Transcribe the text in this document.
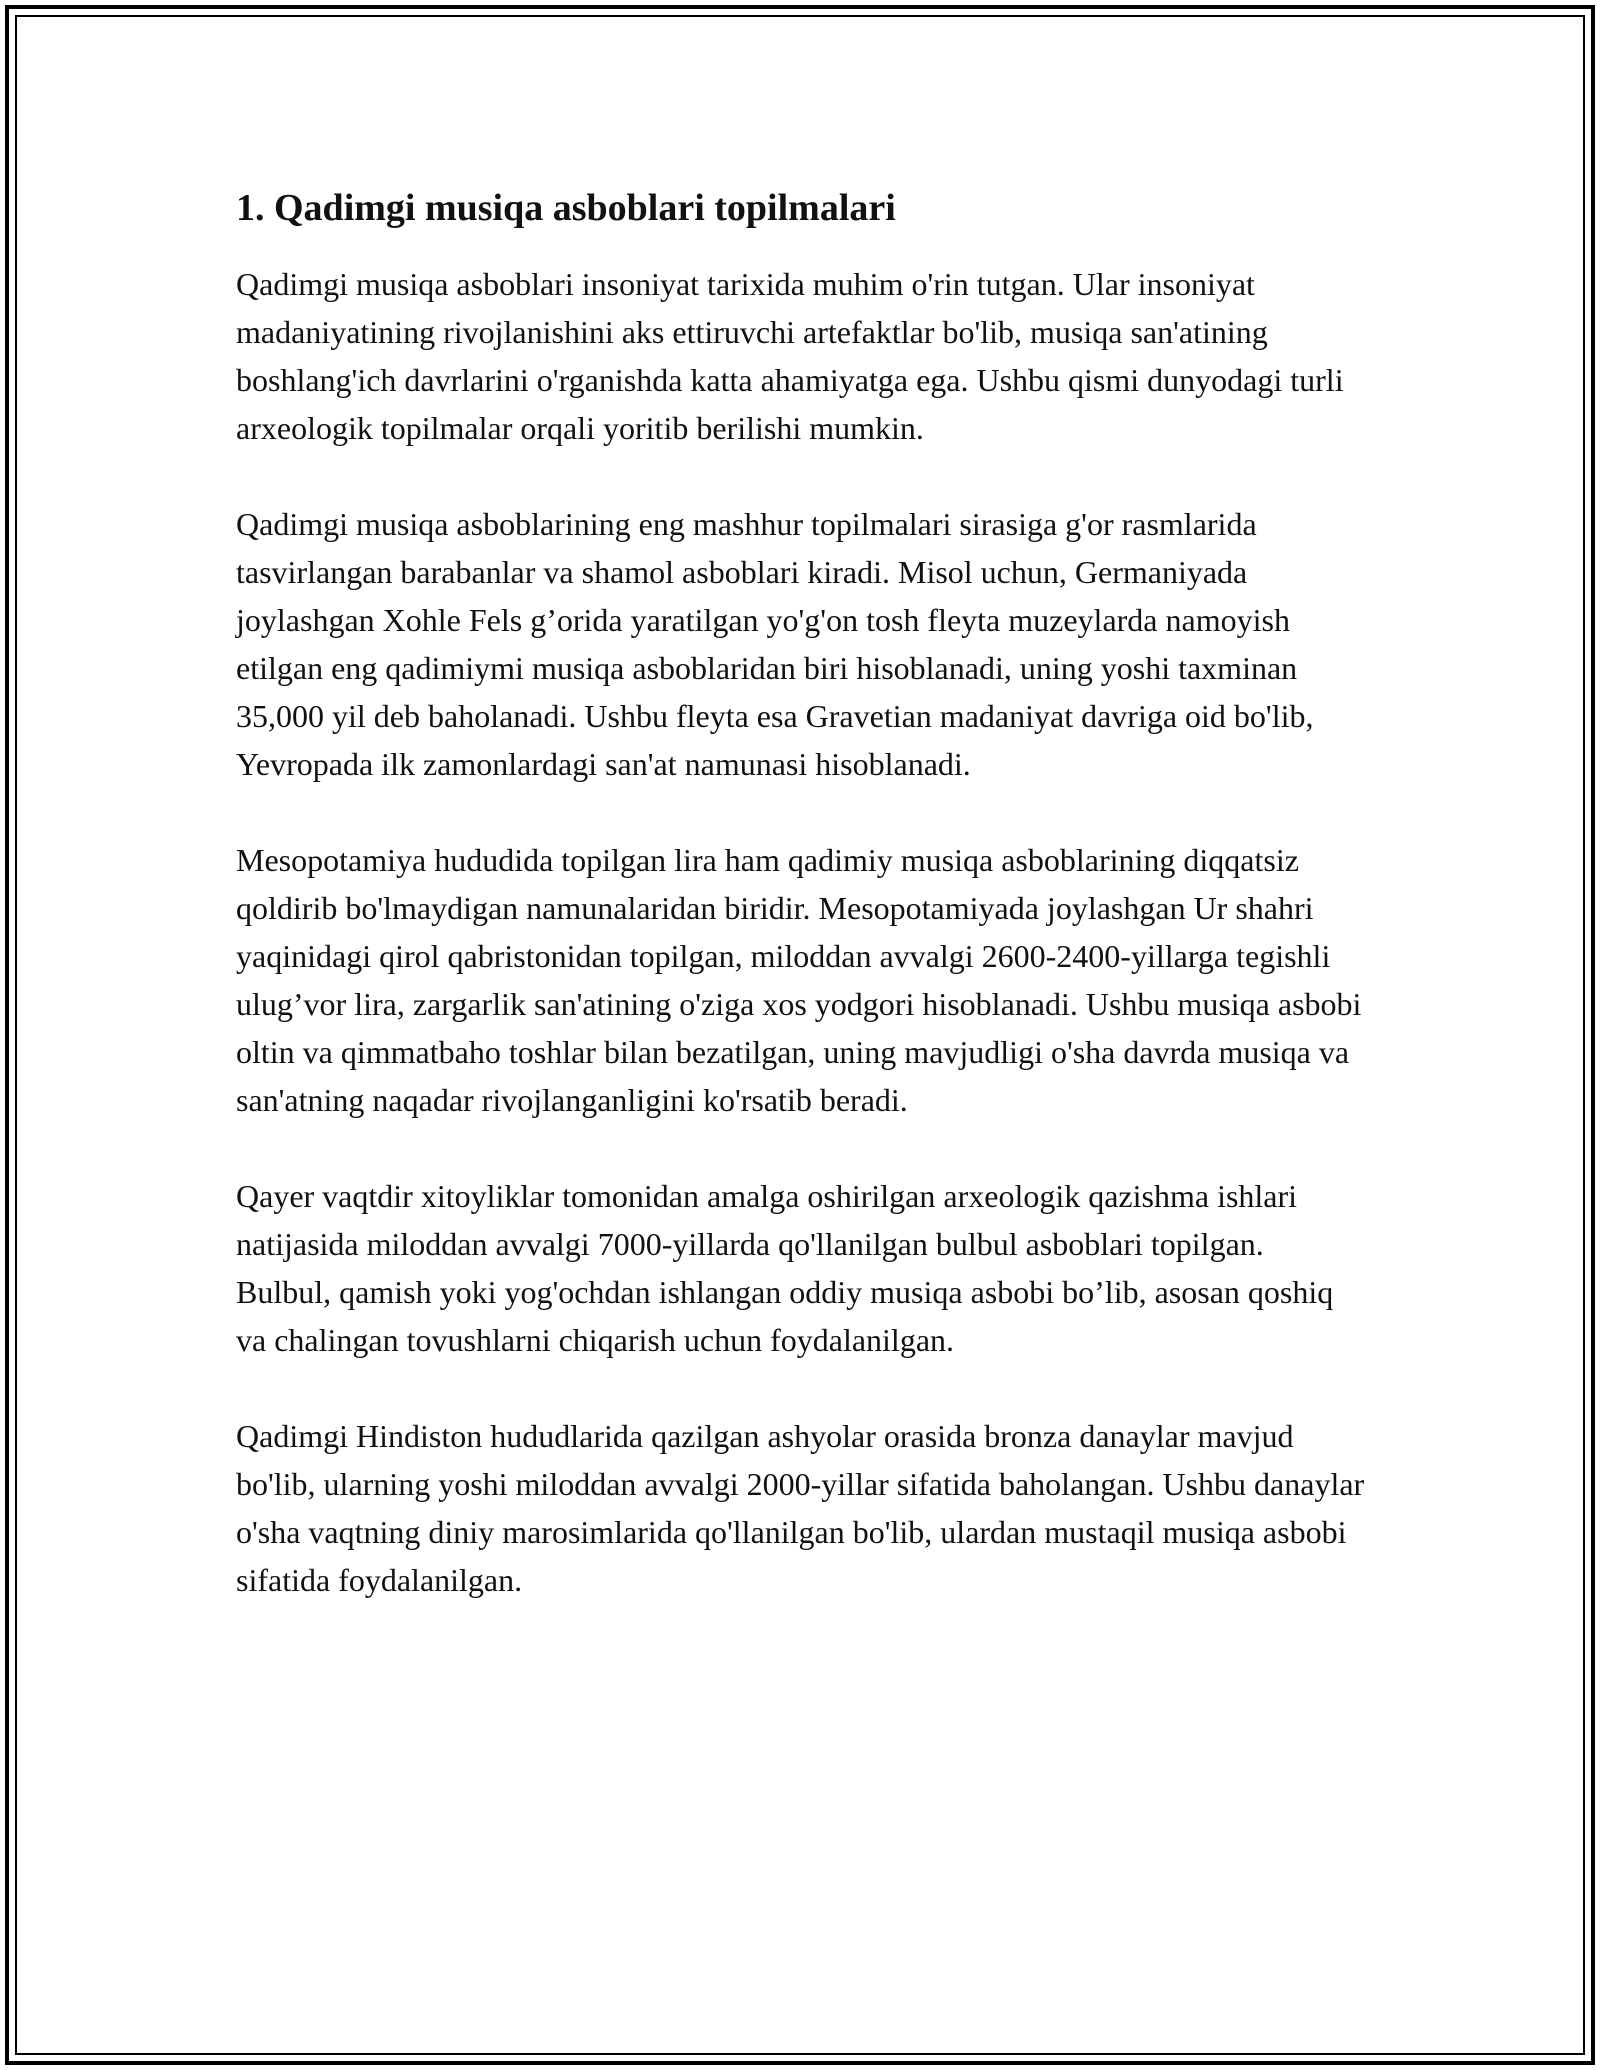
1. Qadimgi musiqa asboblari topilmalari

Qadimgi musiqa asboblari insoniyat tarixida muhim o'rin tutgan. Ular insoniyat madaniyatining rivojlanishini aks ettiruvchi artefaktlar bo'lib, musiqa san'atining boshlang'ich davrlarini o'rganishda katta ahamiyatga ega. Ushbu qismi dunyodagi turli arxeologik topilmalar orqali yoritib berilishi mumkin.

Qadimgi musiqa asboblarining eng mashhur topilmalari sirasiga g'or rasmlarida tasvirlangan barabanlar va shamol asboblari kiradi. Misol uchun, Germaniyada joylashgan Xohle Fels g’orida yaratilgan yo'g'on tosh fleyta muzeylarda namoyish etilgan eng qadimiymi musiqa asboblaridan biri hisoblanadi, uning yoshi taxminan 35,000 yil deb baholanadi. Ushbu fleyta esa Gravetian madaniyat davriga oid bo'lib, Yevropada ilk zamonlardagi san'at namunasi hisoblanadi.

Mesopotamiya hududida topilgan lira ham qadimiy musiqa asboblarining diqqatsiz qoldirib bo'lmaydigan namunalaridan biridir. Mesopotamiyada joylashgan Ur shahri yaqinidagi qirol qabristonidan topilgan, miloddan avvalgi 2600-2400-yillarga tegishli ulug’vor lira, zargarlik san'atining o'ziga xos yodgori hisoblanadi. Ushbu musiqa asbobi oltin va qimmatbaho toshlar bilan bezatilgan, uning mavjudligi o'sha davrda musiqa va san'atning naqadar rivojlanganligini ko'rsatib beradi.

Qayer vaqtdir xitoyliklar tomonidan amalga oshirilgan arxeologik qazishma ishlari natijasida miloddan avvalgi 7000-yillarda qo'llanilgan bulbul asboblari topilgan. Bulbul, qamish yoki yog'ochdan ishlangan oddiy musiqa asbobi bo’lib, asosan qoshiq va chalingan tovushlarni chiqarish uchun foydalanilgan.

Qadimgi Hindiston hududlarida qazilgan ashyolar orasida bronza danaylar mavjud bo'lib, ularning yoshi miloddan avvalgi 2000-yillar sifatida baholangan. Ushbu danaylar o'sha vaqtning diniy marosimlarida qo'llanilgan bo'lib, ulardan mustaqil musiqa asbobi sifatida foydalanilgan.
